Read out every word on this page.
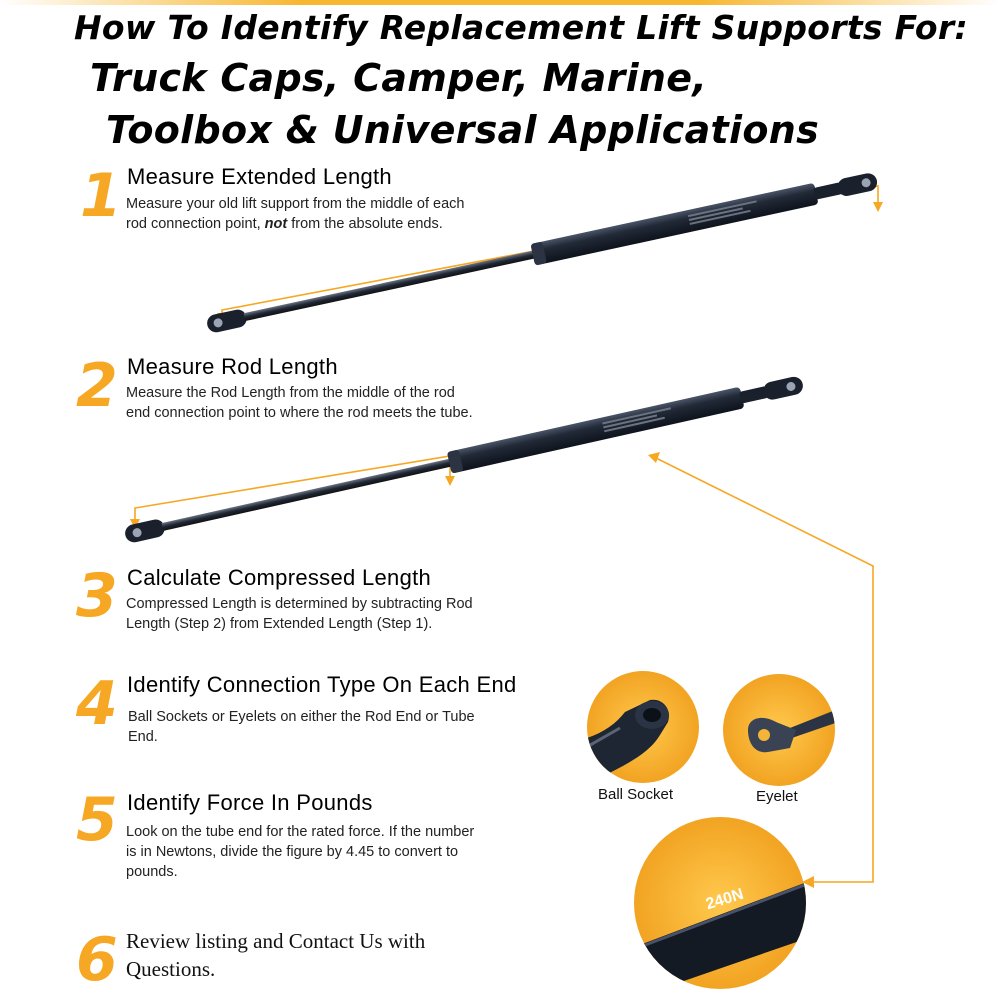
How To Identify Replacement Lift Supports For:
Truck Caps, Camper, Marine,
Toolbox & Universal Applications
240N
Ball Socket	Eyelet
1 Measure Extended Length
Measure your old lift support from the middle of each
rod connection point, not from the absolute ends.
2 Measure Rod Length
Measure the Rod Length from the middle of the rod
end connection point to where the rod meets the tube.
3 Calculate Compressed Length
Compressed Length is determined by subtracting Rod
Length (Step 2) from Extended Length (Step 1).
4 Identify Connection Type On Each End
Ball Sockets or Eyelets on either the Rod End or Tube
End.
5 Identify Force In Pounds
Look on the tube end for the rated force. If the number
is in Newtons, divide the figure by 4.45 to convert to
pounds.
6 Review listing and Contact Us with
Questions.
